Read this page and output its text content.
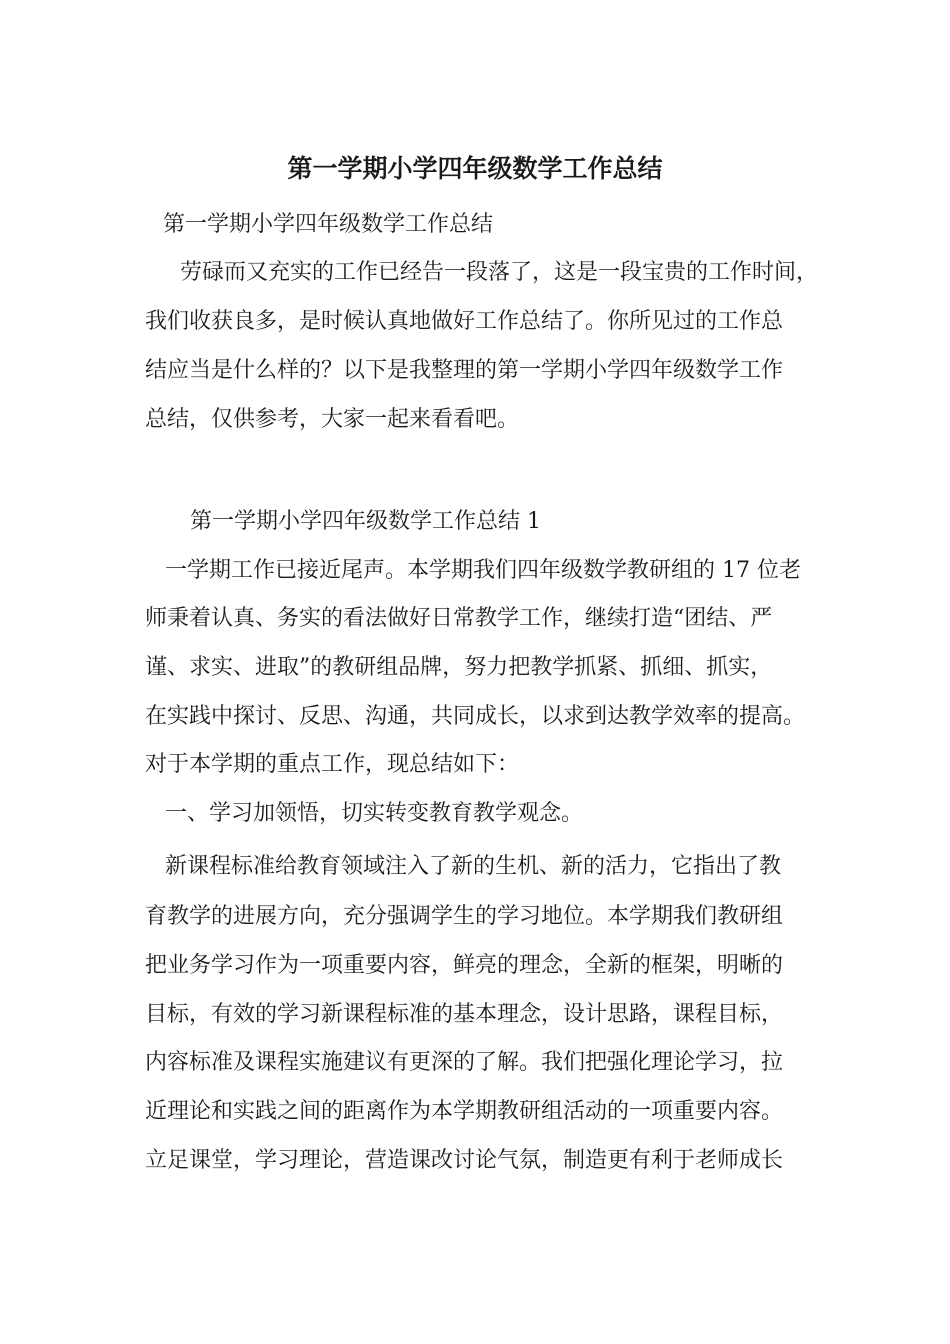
第一学期小学四年级数学工作总结
第一学期小学四年级数学工作总结
劳碌而又充实的工作已经告一段落了，这是一段宝贵的工作时间，
我们收获良多，是时候认真地做好工作总结了。你所见过的工作总
结应当是什么样的？以下是我整理的第一学期小学四年级数学工作
总结，仅供参考，大家一起来看看吧。
第一学期小学四年级数学工作总结 1
一学期工作已接近尾声。本学期我们四年级数学教研组的 17 位老
师秉着认真、务实的看法做好日常教学工作，继续打造“团结、严
谨、求实、进取”的教研组品牌，努力把教学抓紧、抓细、抓实，
在实践中探讨、反思、沟通，共同成长，以求到达教学效率的提高。
对于本学期的重点工作，现总结如下：
一、学习加领悟，切实转变教育教学观念。
新课程标准给教育领域注入了新的生机、新的活力，它指出了教
育教学的进展方向，充分强调学生的学习地位。本学期我们教研组
把业务学习作为一项重要内容，鲜亮的理念，全新的框架，明晰的
目标，有效的学习新课程标准的基本理念，设计思路，课程目标，
内容标准及课程实施建议有更深的了解。我们把强化理论学习，拉
近理论和实践之间的距离作为本学期教研组活动的一项重要内容。
立足课堂，学习理论，营造课改讨论气氛，制造更有利于老师成长
